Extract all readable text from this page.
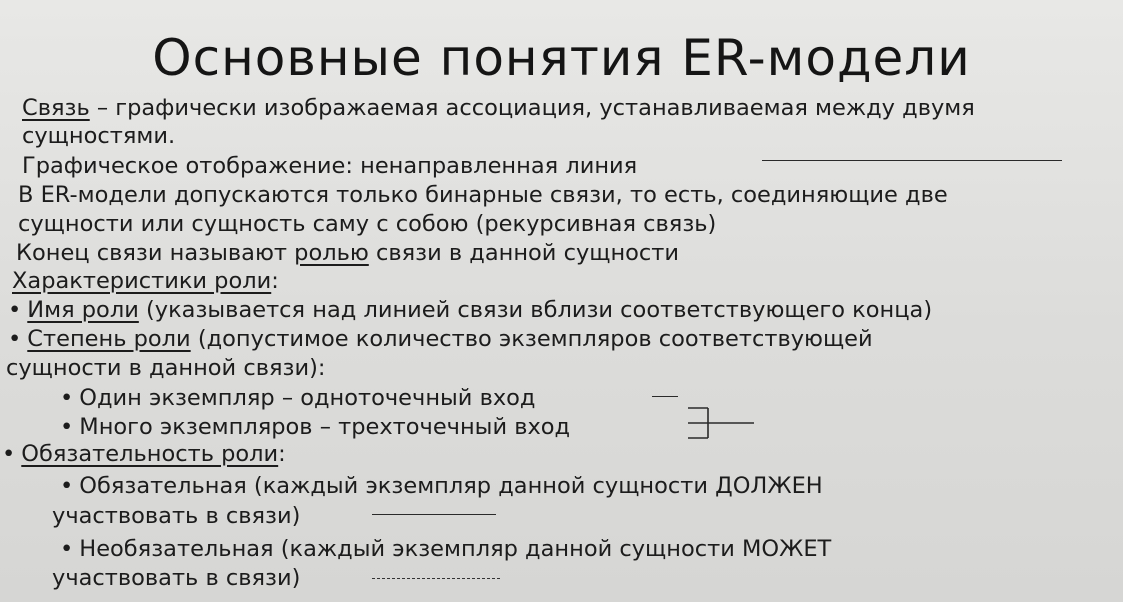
Основные понятия ER-модели
Связь – графически изображаемая ассоциация, устанавливаемая между двумя
сущностями.
Графическое отображение: ненаправленная линия
В ER-модели допускаются только бинарные связи, то есть, соединяющие две
сущности или сущность саму с собою (рекурсивная связь)
Конец связи называют ролью связи в данной сущности
Характеристики роли:
• Имя роли (указывается над линией связи вблизи соответствующего конца)
• Степень роли (допустимое количество экземпляров соответствующей
сущности в данной связи):
• Один экземпляр – одноточечный вход
• Много экземпляров – трехточечный вход
• Обязательность роли:
• Обязательная (каждый экземпляр данной сущности ДОЛЖЕН
участвовать в связи)
• Необязательная (каждый экземпляр данной сущности МОЖЕТ
участвовать в связи)
